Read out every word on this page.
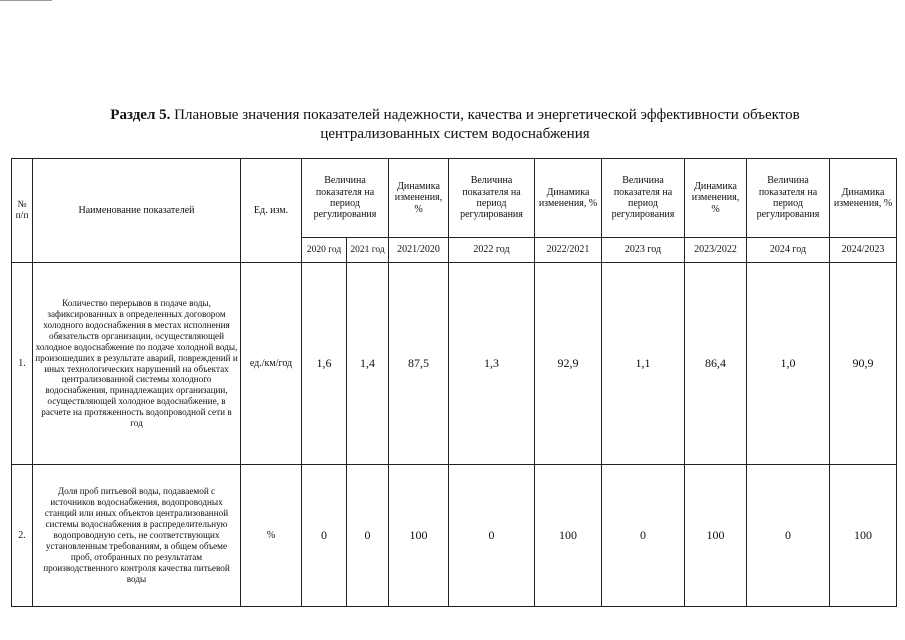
Раздел 5. Плановые значения показателей надежности, качества и энергетической эффективности объектов централизованных систем водоснабжения
№ п/п	Наименование показателей	Ед. изм.	Величина показателя на период регулирования		Динамика изменения, %	Величина показателя на период регулирования	Динамика изменения, %	Величина показателя на период регулирования	Динамика изменения, %	Величина показателя на период регулирования	Динамика изменения, %
			2020 год	2021 год	2021/2020	2022 год	2022/2021	2023 год	2023/2022	2024 год	2024/2023
1.	Количество перерывов в подаче воды, зафиксированных в определенных договором холодного водоснабжения в местах исполнения обязательств организации, осуществляющей холодное водоснабжение по подаче холодной воды, произошедших в результате аварий, повреждений и иных технологических нарушений на объектах централизованной системы холодного водоснабжения, принадлежащих организации, осуществляющей холодное водоснабжение, в расчете на протяженность водопроводной сети в год	ед./км/год	1,6	1,4	87,5	1,3	92,9	1,1	86,4	1,0	90,9
2.	Доля проб питьевой воды, подаваемой с источников водоснабжения, водопроводных станций или иных объектов централизованной системы водоснабжения в распределительную водопроводную сеть, не соответствующих установленным требованиям, в общем объеме проб, отобранных по результатам производственного контроля качества питьевой воды	%	0	0	100	0	100	0	100	0	100
